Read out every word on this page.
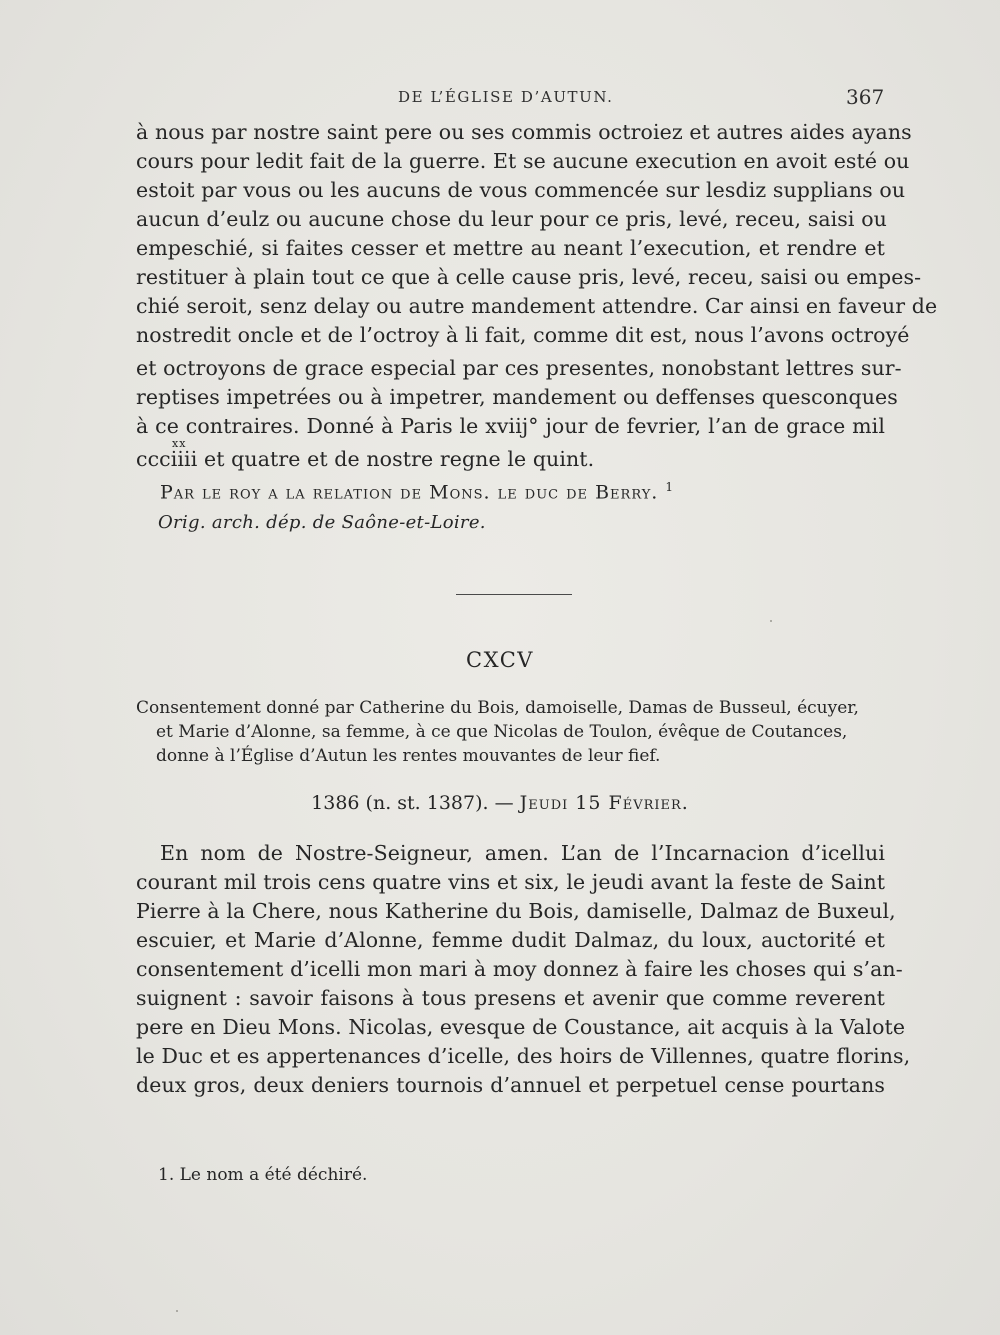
DE L’ÉGLISE D’AUTUN.	367
à nous par nostre saint pere ou ses commis octroiez et autres aides ayans
cours pour ledit fait de la guerre. Et se aucune execution en avoit esté ou
estoit par vous ou les aucuns de vous commencée sur lesdiz supplians ou
aucun d’eulz ou aucune chose du leur pour ce pris, levé, receu, saisi ou
empeschié, si faites cesser et mettre au neant l’execution, et rendre et
restituer à plain tout ce que à celle cause pris, levé, receu, saisi ou empes-
chié seroit, senz delay ou autre mandement attendre. Car ainsi en faveur de
nostredit oncle et de l’octroy à li fait, comme dit est, nous l’avons octroyé
et octroyons de grace especial par ces presentes, nonobstant lettres sur-
reptises impetrées ou à impetrer, mandement ou deffenses quesconques
à ce contraires. Donné à Paris le xviij° jour de fevrier, l’an de grace mil
xx
ccciiii et quatre et de nostre regne le quint.
Par le roy a la relation de Mons. le duc de Berry. $^1$
Orig. arch. dép. de Saône-et-Loire.
CXCV
Consentement donné par Catherine du Bois, damoiselle, Damas de Busseul, écuyer,
et Marie d’Alonne, sa femme, à ce que Nicolas de Toulon, évêque de Coutances,
donne à l’Église d’Autun les rentes mouvantes de leur fief.
1386 (n. st. 1387). — Jeudi 15 Février.
En nom de Nostre-Seigneur, amen. L’an de l’Incarnacion d’icellui
courant mil trois cens quatre vins et six, le jeudi avant la feste de Saint
Pierre à la Chere, nous Katherine du Bois, damiselle, Dalmaz de Buxeul,
escuier, et Marie d’Alonne, femme dudit Dalmaz, du loux, auctorité et
consentement d’icelli mon mari à moy donnez à faire les choses qui s’an-
suignent : savoir faisons à tous presens et avenir que comme reverent
pere en Dieu Mons. Nicolas, evesque de Coustance, ait acquis à la Valote
le Duc et es appertenances d’icelle, des hoirs de Villennes, quatre florins,
deux gros, deux deniers tournois d’annuel et perpetuel cense pourtans
1. Le nom a été déchiré.
